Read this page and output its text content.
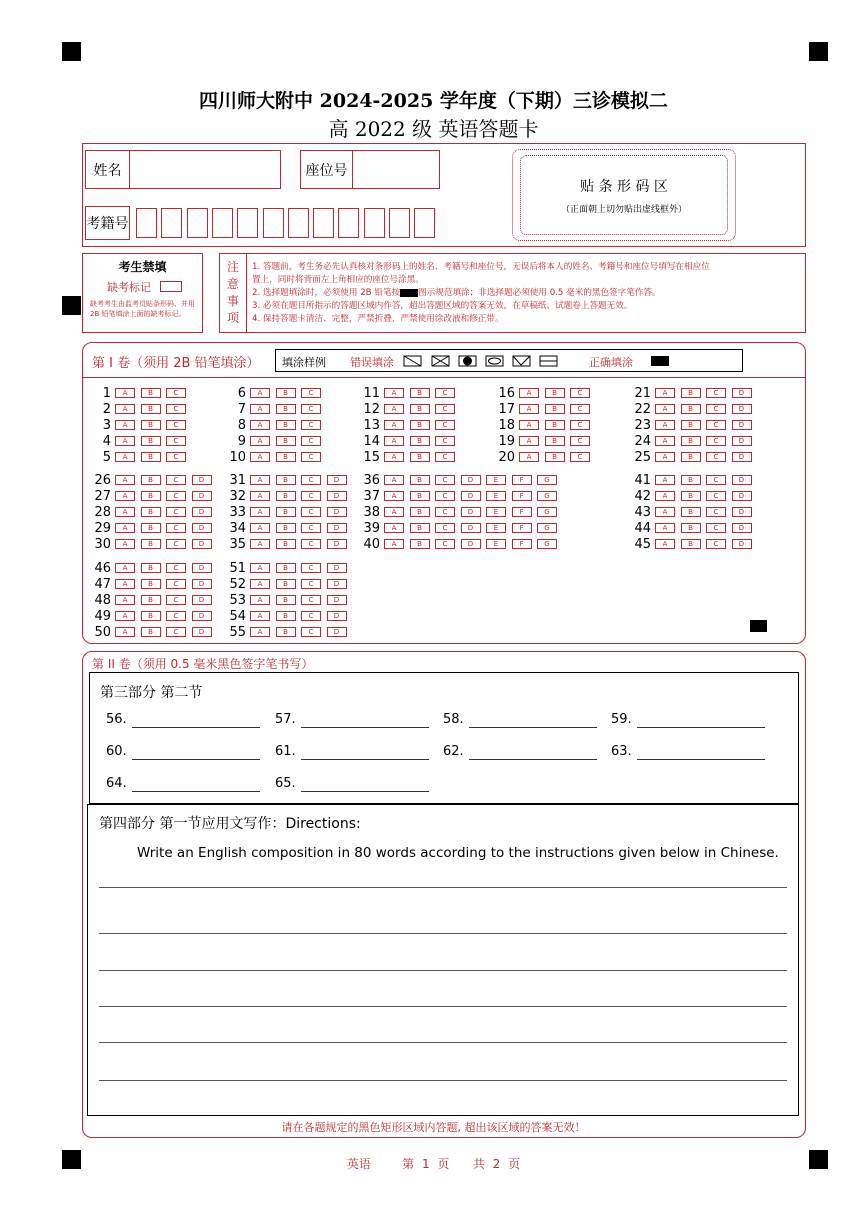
四川师大附中 2024-2025 学年度（下期）三诊模拟二
高 2022 级 英语答题卡
姓名	座位号
考籍号
贴 条 形 码 区
（正面朝上切勿贴出虚线框外）
考生禁填
缺考标记
缺考考生由监考员贴条形码、并用 2B 铅笔填涂上面的缺考标记。
注
意
事
项
1. 答题前，考生务必先认真核对条形码上的姓名、考籍号和座位号，无误后将本人的姓名、考籍号和座位号填写在相应位
置上，同时将背面左上角相应的座位号涂黑。
2. 选择题填涂时，必须使用 2B 铅笔按 图示规范填涂；非选择题必须使用 0.5 毫米的黑色签字笔作答。
3. 必须在题目所指示的答题区域内作答，超出答题区域的答案无效，在草稿纸、试题卷上答题无效。
4. 保持答题卡清洁、完整，严禁折叠，严禁使用涂改液和修正带。
第 I 卷（须用 2B 铅笔填涂） 填涂样例 错误填涂	正确填涂
1	A	B	C
2	A	B	C
3	A	B	C
4	A	B	C
5	A	B	C
6	A	B	C
7	A	B	C
8	A	B	C
9	A	B	C
10	A	B	C
11	A	B	C
12	A	B	C
13	A	B	C
14	A	B	C
15	A	B	C
16	A	B	C
17	A	B	C
18	A	B	C
19	A	B	C
20	A	B	C
21	A	B	C	D
22	A	B	C	D
23	A	B	C	D
24	A	B	C	D
25	A	B	C	D
26	A	B	C	D
27	A	B	C	D
28	A	B	C	D
29	A	B	C	D
30	A	B	C	D
31	A	B	C	D
32	A	B	C	D
33	A	B	C	D
34	A	B	C	D
35	A	B	C	D
36	A	B	C	D	E	F	G
37	A	B	C	D	E	F	G
38	A	B	C	D	E	F	G
39	A	B	C	D	E	F	G
40	A	B	C	D	E	F	G
41	A	B	C	D
42	A	B	C	D
43	A	B	C	D
44	A	B	C	D
45	A	B	C	D
46	A	B	C	D
47	A	B	C	D
48	A	B	C	D
49	A	B	C	D
50	A	B	C	D
51	A	B	C	D
52	A	B	C	D
53	A	B	C	D
54	A	B	C	D
55	A	B	C	D
第 II 卷（须用 0.5 毫米黑色签字笔书写）
第三部分 第二节
56.	57.	58.	59.
60.	61.	62.	63.
64.	65.
第四部分 第一节应用文写作：Directions:
Write an English composition in 80 words according to the instructions given below in Chinese.
请在各题规定的黑色矩形区域内答题, 超出该区域的答案无效！
英语	第 1 页 共 2 页
